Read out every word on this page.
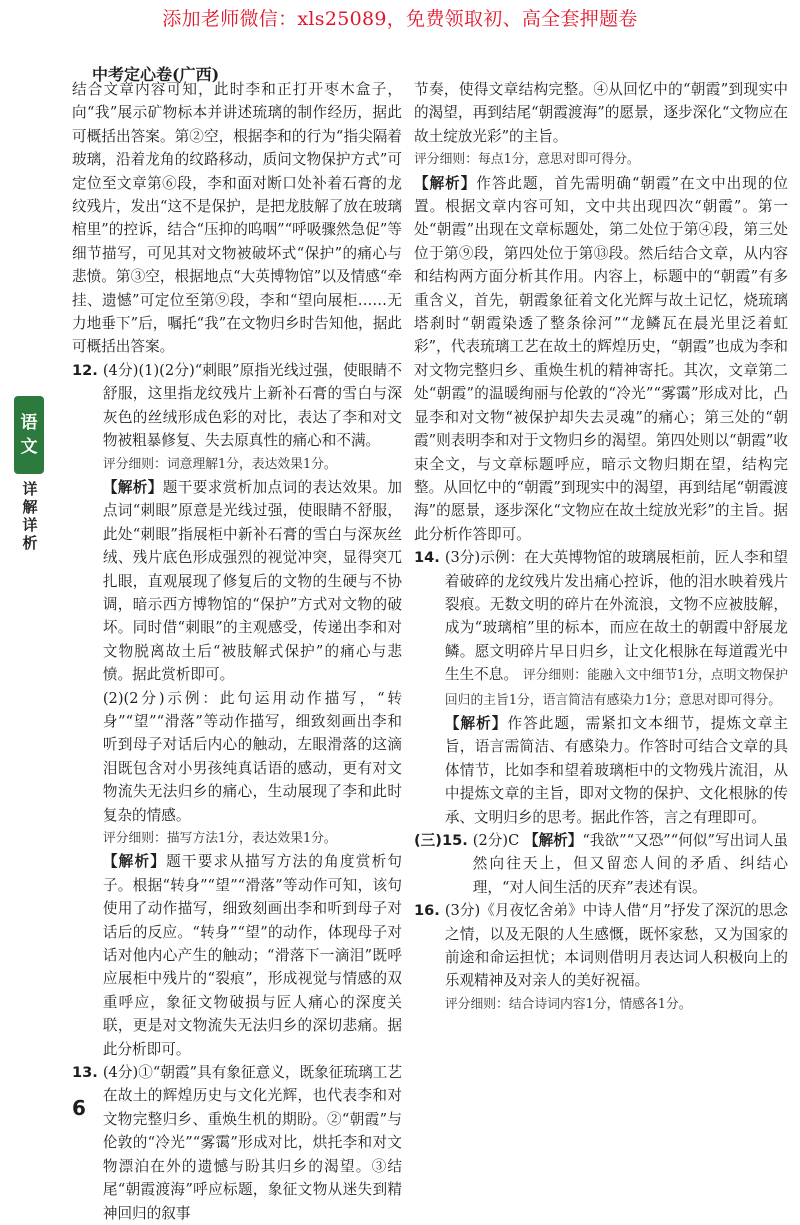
添加老师微信：xls25089，免费领取初、高全套押题卷
中考定心卷(广西)
语
文
详
解
详
析

结合文章内容可知，此时李和正打开枣木盒子，向“我”展示矿物标本并讲述琉璃的制作经历，据此可概括出答案。第②空，根据李和的行为“指尖隔着玻璃，沿着龙角的纹路移动，质问文物保护方式”可定位至文章第⑥段，李和面对断口处补着石膏的龙纹残片，发出“这不是保护，是把龙肢解了放在玻璃棺里”的控诉，结合“压抑的呜咽”“呼吸骤然急促”等细节描写，可见其对文物被破坏式“保护”的痛心与悲愤。第③空，根据地点“大英博物馆”以及情感“牵挂、遗憾”可定位至第⑨段，李和“望向展柜……无力地垂下”后，嘱托“我”在文物归乡时告知他，据此可概括出答案。

12. (4分)(1)(2分)“刺眼”原指光线过强，使眼睛不舒服，这里指龙纹残片上新补石膏的雪白与深灰色的丝绒形成色彩的对比，表达了李和对文物被粗暴修复、失去原真性的痛心和不满。

评分细则：词意理解1分，表达效果1分。

【解析】题干要求赏析加点词的表达效果。加点词“刺眼”原意是光线过强，使眼睛不舒服，此处“刺眼”指展柜中新补石膏的雪白与深灰丝绒、残片底色形成强烈的视觉冲突，显得突兀扎眼，直观展现了修复后的文物的生硬与不协调，暗示西方博物馆的“保护”方式对文物的破坏。同时借“刺眼”的主观感受，传递出李和对文物脱离故土后“被肢解式保护”的痛心与悲愤。据此赏析即可。

(2)(2分)示例：此句运用动作描写，“转身”“望”“滑落”等动作描写，细致刻画出李和听到母子对话后内心的触动，左眼滑落的这滴泪既包含对小男孩纯真话语的感动，更有对文物流失无法归乡的痛心，生动展现了李和此时复杂的情感。

评分细则：描写方法1分，表达效果1分。

【解析】题干要求从描写方法的角度赏析句子。根据“转身”“望”“滑落”等动作可知，该句使用了动作描写，细致刻画出李和听到母子对话后的反应。“转身”“望”的动作，体现母子对话对他内心产生的触动；“滑落下一滴泪”既呼应展柜中残片的“裂痕”，形成视觉与情感的双重呼应，象征文物破损与匠人痛心的深度关联，更是对文物流失无法归乡的深切悲痛。据此分析即可。

13. (4分)①“朝霞”具有象征意义，既象征琉璃工艺在故土的辉煌历史与文化光辉，也代表李和对文物完整归乡、重焕生机的期盼。②“朝霞”与伦敦的“冷光”“雾霭”形成对比，烘托李和对文物漂泊在外的遗憾与盼其归乡的渴望。③结尾“朝霞渡海”呼应标题，象征文物从迷失到精神回归的叙事

节奏，使得文章结构完整。④从回忆中的“朝霞”到现实中的渴望，再到结尾“朝霞渡海”的愿景，逐步深化“文物应在故土绽放光彩”的主旨。

评分细则：每点1分，意思对即可得分。

【解析】作答此题，首先需明确“朝霞”在文中出现的位置。根据文章内容可知，文中共出现四次“朝霞”。第一处“朝霞”出现在文章标题处，第二处位于第④段，第三处位于第⑨段，第四处位于第⑬段。然后结合文章，从内容和结构两方面分析其作用。内容上，标题中的“朝霞”有多重含义，首先，朝霞象征着文化光辉与故土记忆，烧琉璃塔刹时“朝霞染透了整条徐河”“龙鳞瓦在晨光里泛着虹彩”，代表琉璃工艺在故土的辉煌历史，“朝霞”也成为李和对文物完整归乡、重焕生机的精神寄托。其次，文章第二处“朝霞”的温暖绚丽与伦敦的“冷光”“雾霭”形成对比，凸显李和对文物“被保护却失去灵魂”的痛心；第三处的“朝霞”则表明李和对于文物归乡的渴望。第四处则以“朝霞”收束全文，与文章标题呼应，暗示文物归期在望，结构完整。从回忆中的“朝霞”到现实中的渴望，再到结尾“朝霞渡海”的愿景，逐步深化“文物应在故土绽放光彩”的主旨。据此分析作答即可。

14. (3分)示例：在大英博物馆的玻璃展柜前，匠人李和望着破碎的龙纹残片发出痛心控诉，他的泪水映着残片裂痕。无数文明的碎片在外流浪，文物不应被肢解，成为“玻璃棺”里的标本，而应在故土的朝霞中舒展龙鳞。愿文明碎片早日归乡，让文化根脉在每道霞光中生生不息。 评分细则：能融入文中细节1分，点明文物保护回归的主旨1分，语言简洁有感染力1分；意思对即可得分。

【解析】作答此题，需紧扣文本细节，提炼文章主旨，语言需简洁、有感染力。作答时可结合文章的具体情节，比如李和望着玻璃柜中的文物残片流泪，从中提炼文章的主旨，即对文物的保护、文化根脉的传承、文明归乡的思考。据此作答，言之有理即可。

(三)15. (2分)C 【解析】“我欲”“又恐”“何似”写出词人虽然向往天上，但又留恋人间的矛盾、纠结心理，“对人间生活的厌弃”表述有误。

16. (3分)《月夜忆舍弟》中诗人借“月”抒发了深沉的思念之情，以及无限的人生感慨，既怀家愁，又为国家的前途和命运担忧；本词则借明月表达词人积极向上的乐观精神及对亲人的美好祝福。

评分细则：结合诗词内容1分，情感各1分。

6
